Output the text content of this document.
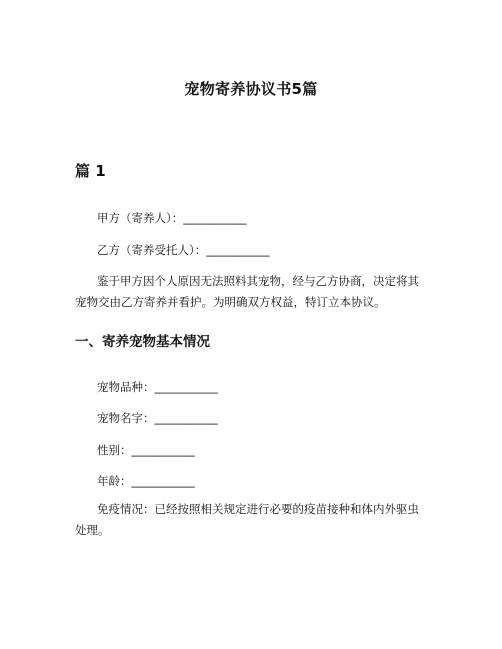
宠物寄养协议书5篇
篇 1
甲方（寄养人）：___________
乙方（寄养受托人）：___________
鉴于甲方因个人原因无法照料其宠物，经与乙方协商，决定将其宠物交由乙方寄养并看护。为明确双方权益，特订立本协议。
一、寄养宠物基本情况
宠物品种：___________
宠物名字：___________
性别：___________
年龄：___________
免疫情况：已经按照相关规定进行必要的疫苗接种和体内外驱虫处理。
